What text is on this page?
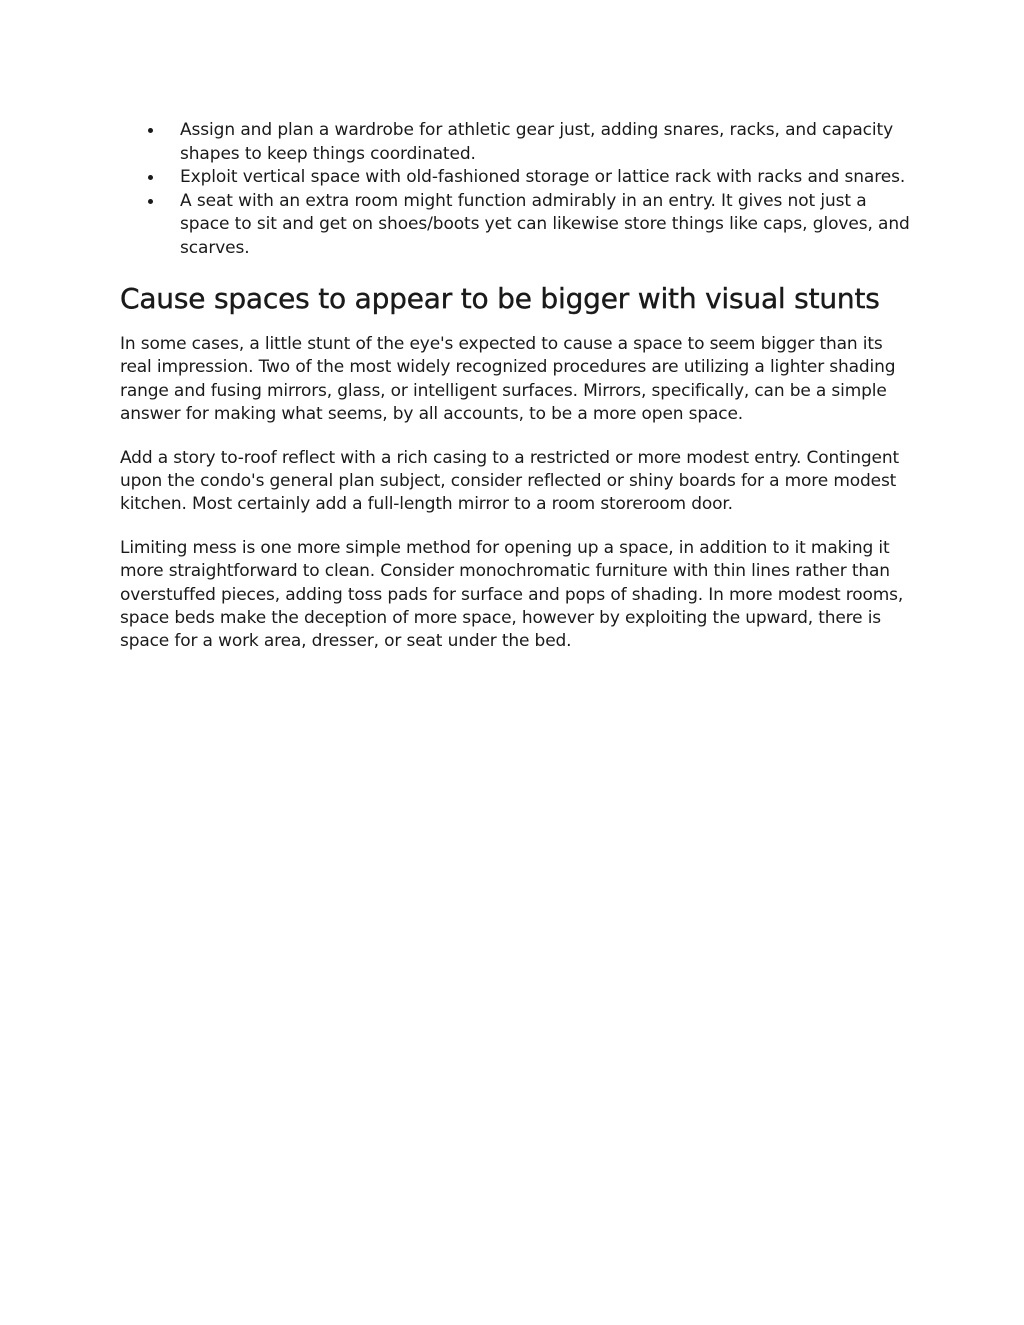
Assign and plan a wardrobe for athletic gear just, adding snares, racks, and capacity shapes to keep things coordinated.
Exploit vertical space with old-fashioned storage or lattice rack with racks and snares.
A seat with an extra room might function admirably in an entry. It gives not just a space to sit and get on shoes/boots yet can likewise store things like caps, gloves, and scarves.
Cause spaces to appear to be bigger with visual stunts

In some cases, a little stunt of the eye's expected to cause a space to seem bigger than its real impression. Two of the most widely recognized procedures are utilizing a lighter shading range and fusing mirrors, glass, or intelligent surfaces. Mirrors, specifically, can be a simple answer for making what seems, by all accounts, to be a more open space.

Add a story to-roof reflect with a rich casing to a restricted or more modest entry. Contingent upon the condo's general plan subject, consider reflected or shiny boards for a more modest kitchen. Most certainly add a full-length mirror to a room storeroom door.

Limiting mess is one more simple method for opening up a space, in addition to it making it more straightforward to clean. Consider monochromatic furniture with thin lines rather than overstuffed pieces, adding toss pads for surface and pops of shading. In more modest rooms, space beds make the deception of more space, however by exploiting the upward, there is space for a work area, dresser, or seat under the bed.
